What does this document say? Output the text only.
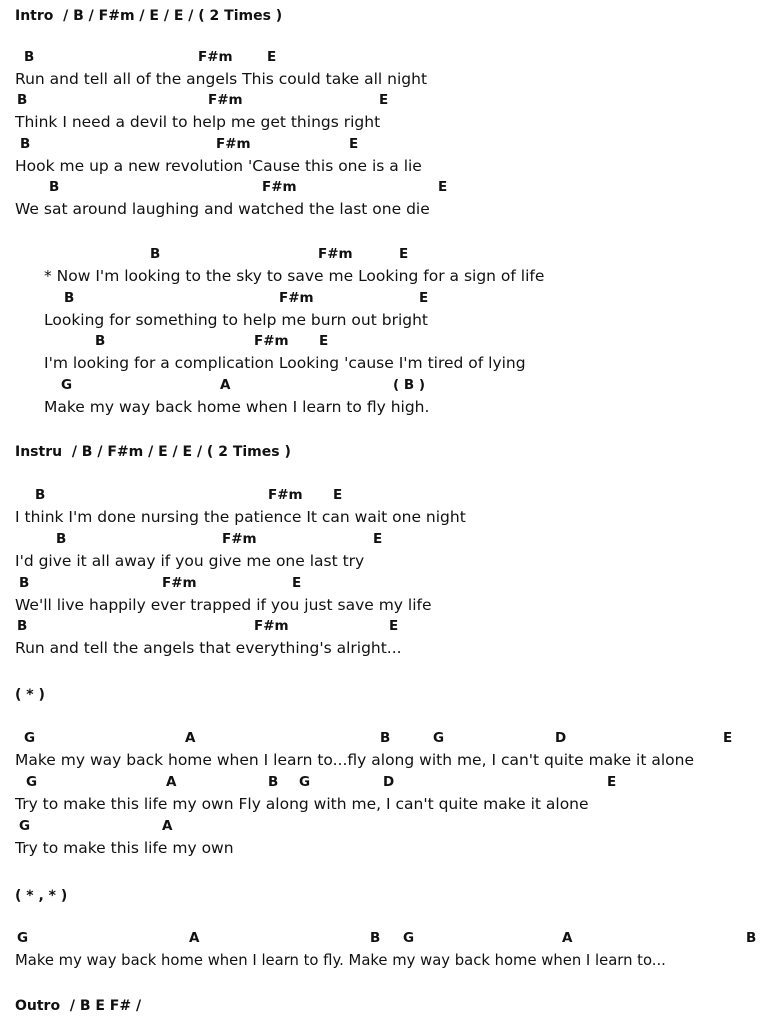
Intro  / B / F#m / E / E / ( 2 Times )
B	F#m	E
Run and tell all of the angels This could take all night
B	F#m	E
Think I need a devil to help me get things right
B	F#m	E
Hook me up a new revolution 'Cause this one is a lie
B	F#m	E
We sat around laughing and watched the last one die
B	F#m	E
* Now I'm looking to the sky to save me Looking for a sign of life
B	F#m	E
Looking for something to help me burn out bright
B	F#m E
I'm looking for a complication Looking 'cause I'm tired of lying
G	A	( B )
Make my way back home when I learn to fly high.
Instru  / B / F#m / E / E / ( 2 Times )
B	F#m E
I think I'm done nursing the patience It can wait one night
B	F#m	E
I'd give it all away if you give me one last try
B	F#m	E
We'll live happily ever trapped if you just save my life
B	F#m	E
Run and tell the angels that everything's alright...
( * )
G	A	B	G	D	E
Make my way back home when I learn to...fly along with me, I can't quite make it alone
G	A	B G	D	E
Try to make this life my own Fly along with me, I can't quite make it alone
G	A
Try to make this life my own
( * , * )
G	A	B G	A	B
Make my way back home when I learn to fly. Make my way back home when I learn to...
Outro  / B E F# /
